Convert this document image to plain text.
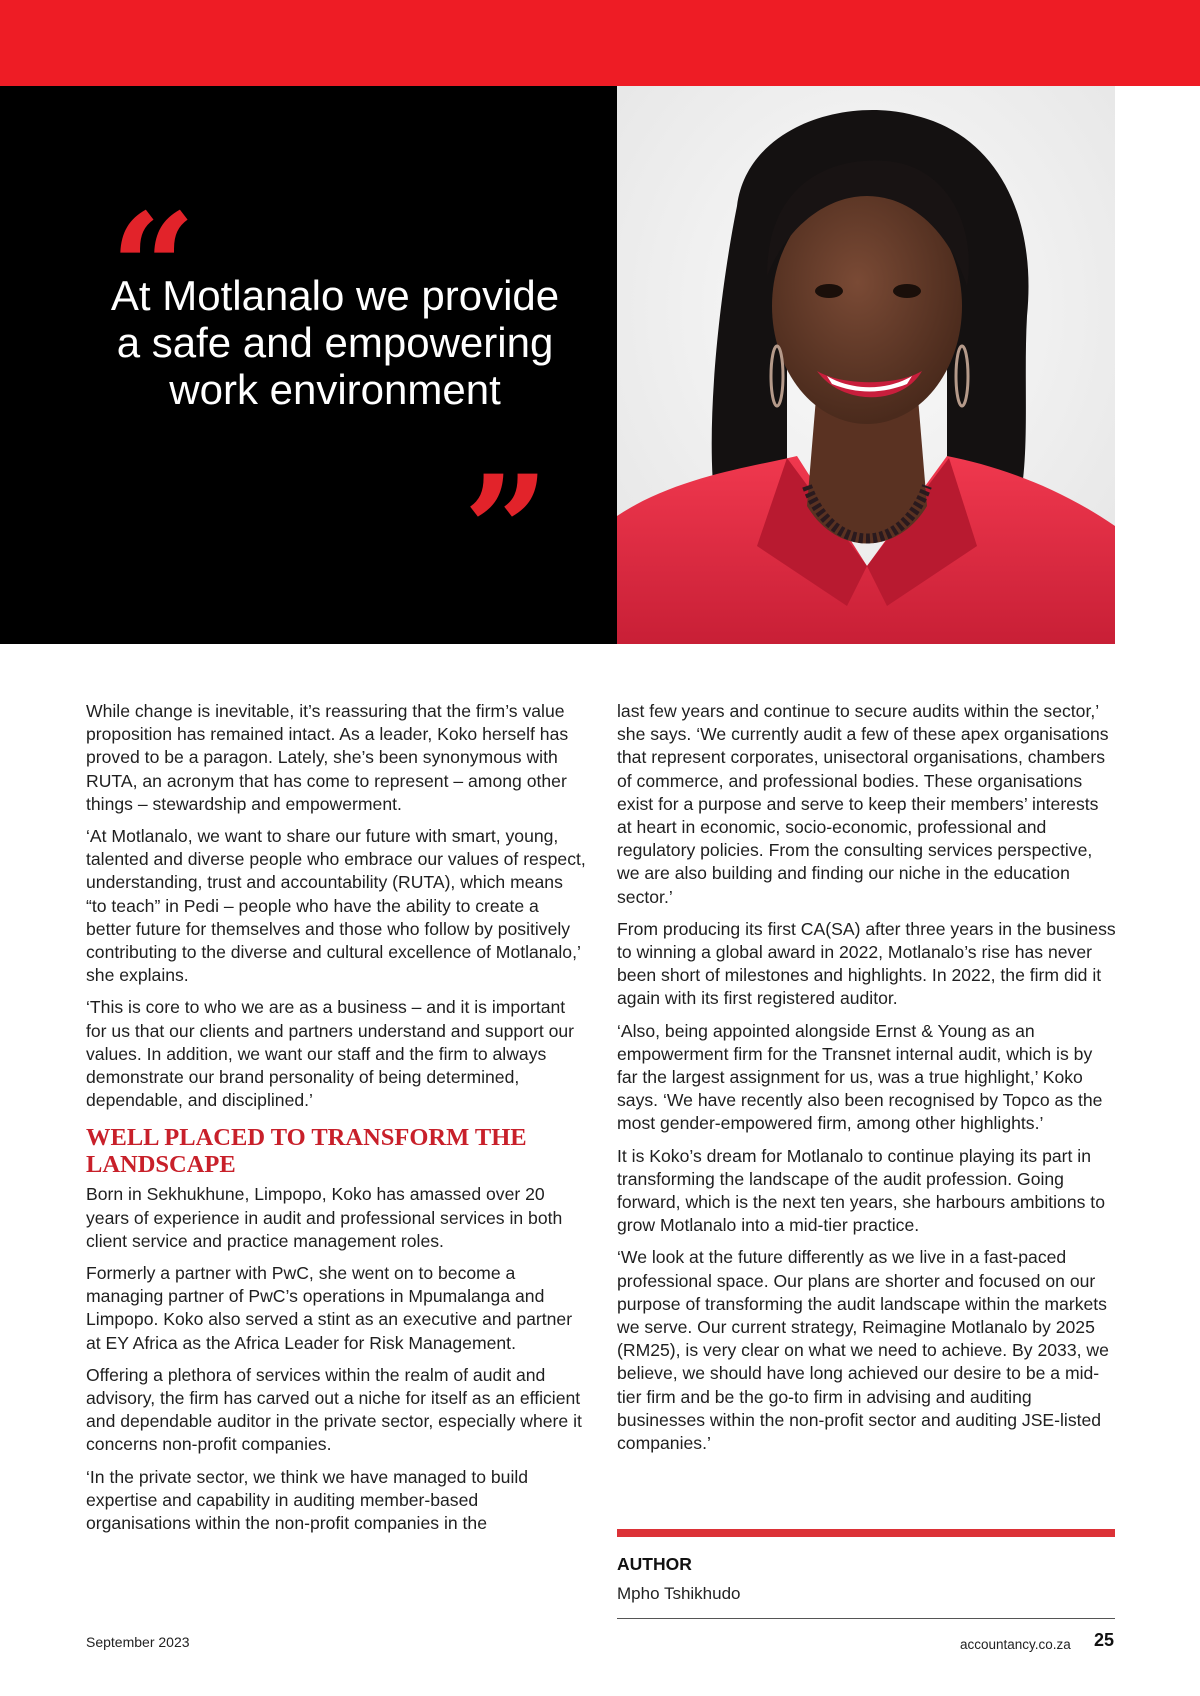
“
At Motlanalo we provide a safe and empowering work environment
”

While change is inevitable, it’s reassuring that the firm’s value proposition has remained intact. As a leader, Koko herself has proved to be a paragon. Lately, she’s been synonymous with RUTA, an acronym that has come to represent – among other things – stewardship and empowerment.

‘At Motlanalo, we want to share our future with smart, young, talented and diverse people who embrace our values of respect, understanding, trust and accountability (RUTA), which means “to teach” in Pedi – people who have the ability to create a better future for themselves and those who follow by positively contributing to the diverse and cultural excellence of Motlanalo,’ she explains.

‘This is core to who we are as a business – and it is important for us that our clients and partners understand and support our values. In addition, we want our staff and the firm to always demonstrate our brand personality of being determined, dependable, and disciplined.’

WELL PLACED TO TRANSFORM THE LANDSCAPE

Born in Sekhukhune, Limpopo, Koko has amassed over 20 years of experience in audit and professional services in both client service and practice management roles.

Formerly a partner with PwC, she went on to become a managing partner of PwC’s operations in Mpumalanga and Limpopo. Koko also served a stint as an executive and partner at EY Africa as the Africa Leader for Risk Management.

Offering a plethora of services within the realm of audit and advisory, the firm has carved out a niche for itself as an efficient and dependable auditor in the private sector, especially where it concerns non-profit companies.

‘In the private sector, we think we have managed to build expertise and capability in auditing member-based organisations within the non-profit companies in the

last few years and continue to secure audits within the sector,’ she says. ‘We currently audit a few of these apex organisations that represent corporates, unisectoral organisations, chambers of commerce, and professional bodies. These organisations exist for a purpose and serve to keep their members’ interests at heart in economic, socio-economic, professional and regulatory policies. From the consulting services perspective, we are also building and finding our niche in the education sector.’

From producing its first CA(SA) after three years in the business to winning a global award in 2022, Motlanalo’s rise has never been short of milestones and highlights. In 2022, the firm did it again with its first registered auditor.

‘Also, being appointed alongside Ernst & Young as an empowerment firm for the Transnet internal audit, which is by far the largest assignment for us, was a true highlight,’ Koko says. ‘We have recently also been recognised by Topco as the most gender-empowered firm, among other highlights.’

It is Koko’s dream for Motlanalo to continue playing its part in transforming the landscape of the audit profession. Going forward, which is the next ten years, she harbours ambitions to grow Motlanalo into a mid-tier practice.

‘We look at the future differently as we live in a fast-paced professional space. Our plans are shorter and focused on our purpose of transforming the audit landscape within the markets we serve. Our current strategy, Reimagine Motlanalo by 2025 (RM25), is very clear on what we need to achieve. By 2033, we believe, we should have long achieved our desire to be a mid-tier firm and be the go-to firm in advising and auditing businesses within the non-profit sector and auditing JSE-listed companies.’

AUTHOR
Mpho Tshikhudo
September 2023	accountancy.co.za 25
